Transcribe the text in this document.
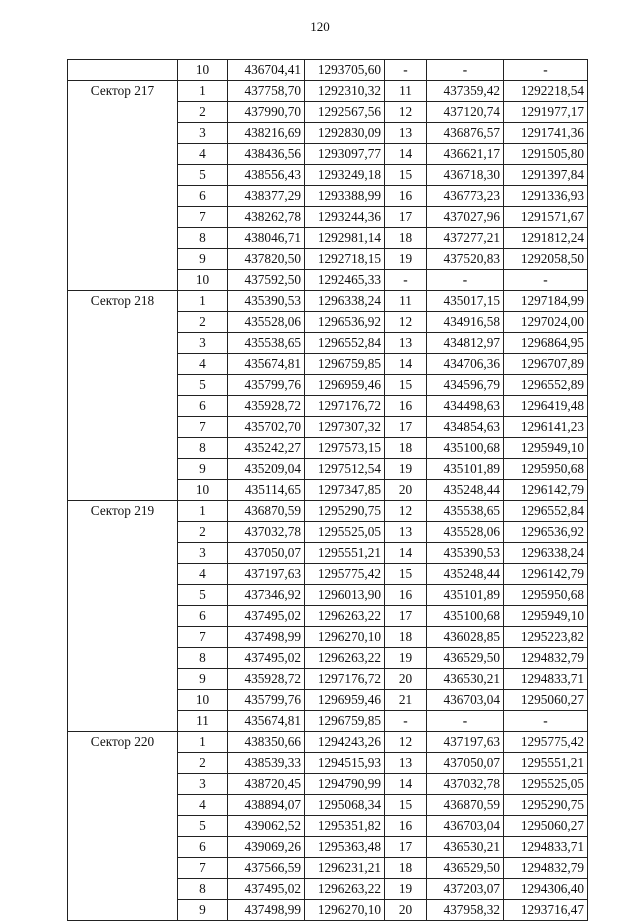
120
	10	436704,41	1293705,60	-	-	-
Сектор 217	1	437758,70	1292310,32	11	437359,42	1292218,54
	2	437990,70	1292567,56	12	437120,74	1291977,17
	3	438216,69	1292830,09	13	436876,57	1291741,36
	4	438436,56	1293097,77	14	436621,17	1291505,80
	5	438556,43	1293249,18	15	436718,30	1291397,84
	6	438377,29	1293388,99	16	436773,23	1291336,93
	7	438262,78	1293244,36	17	437027,96	1291571,67
	8	438046,71	1292981,14	18	437277,21	1291812,24
	9	437820,50	1292718,15	19	437520,83	1292058,50
	10	437592,50	1292465,33	-	-	-
Сектор 218	1	435390,53	1296338,24	11	435017,15	1297184,99
	2	435528,06	1296536,92	12	434916,58	1297024,00
	3	435538,65	1296552,84	13	434812,97	1296864,95
	4	435674,81	1296759,85	14	434706,36	1296707,89
	5	435799,76	1296959,46	15	434596,79	1296552,89
	6	435928,72	1297176,72	16	434498,63	1296419,48
	7	435702,70	1297307,32	17	434854,63	1296141,23
	8	435242,27	1297573,15	18	435100,68	1295949,10
	9	435209,04	1297512,54	19	435101,89	1295950,68
	10	435114,65	1297347,85	20	435248,44	1296142,79
Сектор 219	1	436870,59	1295290,75	12	435538,65	1296552,84
	2	437032,78	1295525,05	13	435528,06	1296536,92
	3	437050,07	1295551,21	14	435390,53	1296338,24
	4	437197,63	1295775,42	15	435248,44	1296142,79
	5	437346,92	1296013,90	16	435101,89	1295950,68
	6	437495,02	1296263,22	17	435100,68	1295949,10
	7	437498,99	1296270,10	18	436028,85	1295223,82
	8	437495,02	1296263,22	19	436529,50	1294832,79
	9	435928,72	1297176,72	20	436530,21	1294833,71
	10	435799,76	1296959,46	21	436703,04	1295060,27
	11	435674,81	1296759,85	-	-	-
Сектор 220	1	438350,66	1294243,26	12	437197,63	1295775,42
	2	438539,33	1294515,93	13	437050,07	1295551,21
	3	438720,45	1294790,99	14	437032,78	1295525,05
	4	438894,07	1295068,34	15	436870,59	1295290,75
	5	439062,52	1295351,82	16	436703,04	1295060,27
	6	439069,26	1295363,48	17	436530,21	1294833,71
	7	437566,59	1296231,21	18	436529,50	1294832,79
	8	437495,02	1296263,22	19	437203,07	1294306,40
	9	437498,99	1296270,10	20	437958,32	1293716,47
